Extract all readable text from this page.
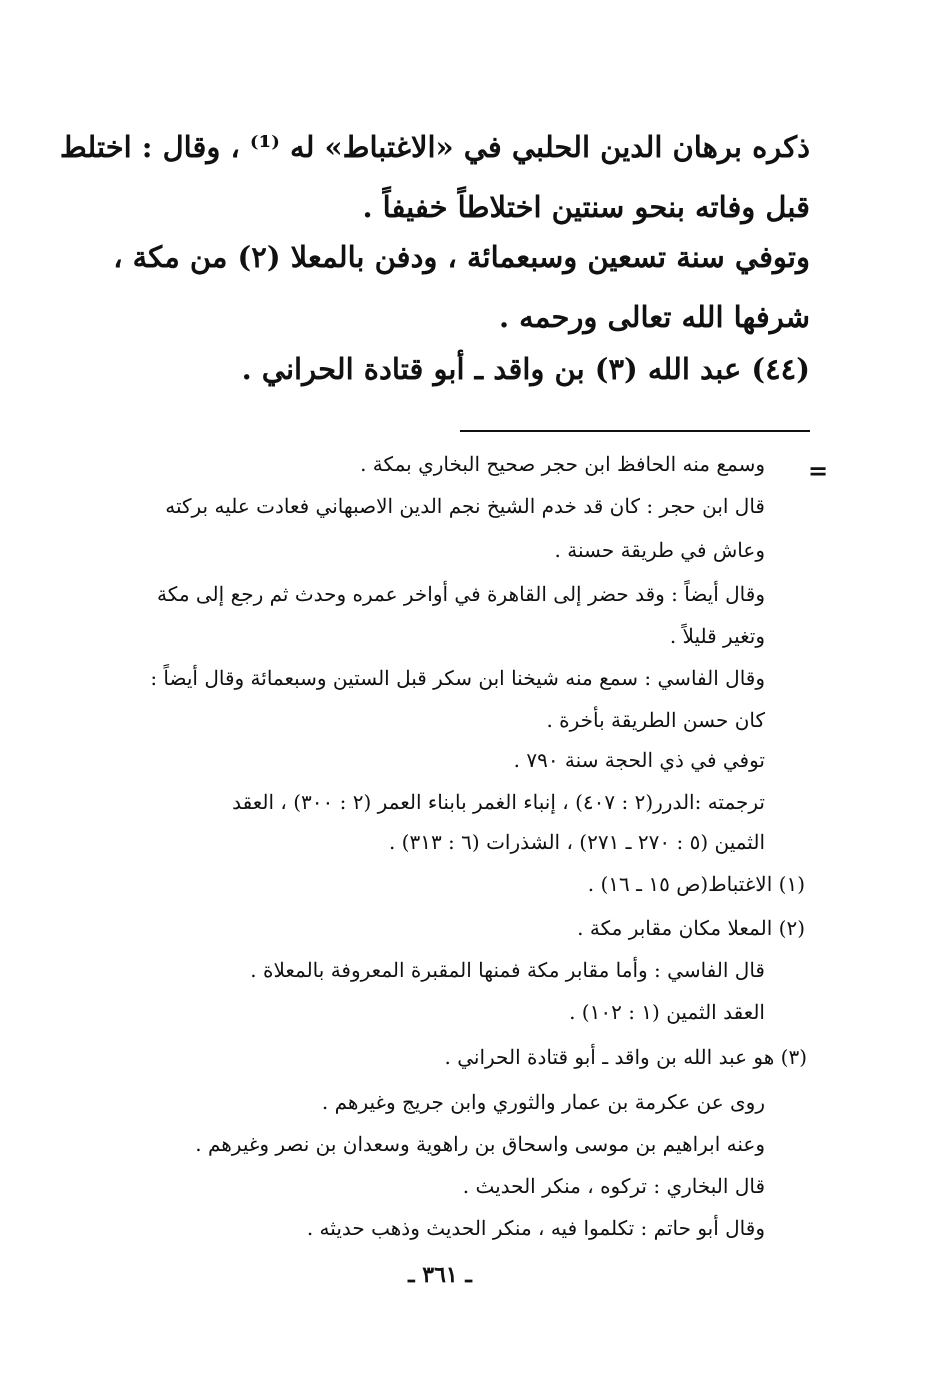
ذكره برهان الدين الحلبي في «الاغتباط» له ⁽¹⁾ ، وقال : اختلط
قبل وفاته بنحو سنتين اختلاطاً خفيفاً .
وتوفي سنة تسعين وسبعمائة ، ودفن بالمعلا (٢) من مكة ،
شرفها الله تعالى ورحمه .
(٤٤) عبد الله (٣) بن واقد ـ أبو قتادة الحراني .
=
وسمع منه الحافظ ابن حجر صحيح البخاري بمكة .
قال ابن حجر : كان قد خدم الشيخ نجم الدين الاصبهاني فعادت عليه بركته
وعاش في طريقة حسنة .
وقال أيضاً : وقد حضر إلى القاهرة في أواخر عمره وحدث ثم رجع إلى مكة
وتغير قليلاً .
وقال الفاسي : سمع منه شيخنا ابن سكر قبل الستين وسبعمائة وقال أيضاً :
كان حسن الطريقة بأخرة .
توفي في ذي الحجة سنة ٧٩٠ .
ترجمته :الدرر(٢ : ٤٠٧) ، إنباء الغمر بابناء العمر (٢ : ٣٠٠) ، العقد
الثمين (٥ : ٢٧٠ ـ ٢٧١) ، الشذرات (٦ : ٣١٣) .
(١) الاغتباط(ص ١٥ ـ ١٦) .
(٢) المعلا مكان مقابر مكة .
قال الفاسي : وأما مقابر مكة فمنها المقبرة المعروفة بالمعلاة .
العقد الثمين (١ : ١٠٢) .
(٣) هو عبد الله بن واقد ـ أبو قتادة الحراني .
روى عن عكرمة بن عمار والثوري وابن جريج وغيرهم .
وعنه ابراهيم بن موسى واسحاق بن راهوية وسعدان بن نصر وغيرهم .
قال البخاري : تركوه ، منكر الحديث .
وقال أبو حاتم : تكلموا فيه ، منكر الحديث وذهب حديثه .
ـ ٣٦١ ـ
